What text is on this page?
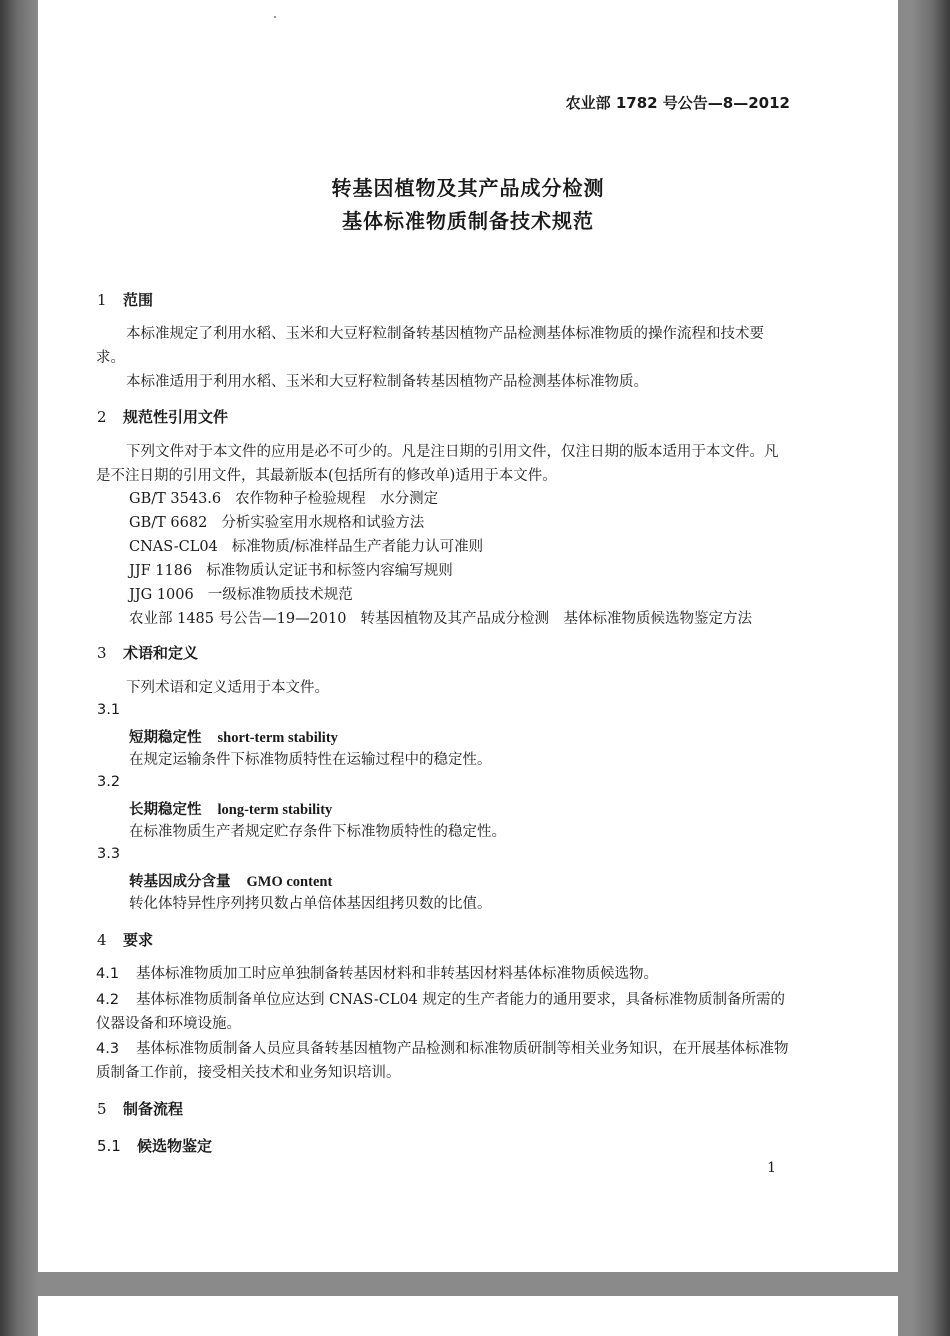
农业部 1782 号公告—8—2012
转基因植物及其产品成分检测
基体标准物质制备技术规范
1 范围
本标准规定了利用水稻、玉米和大豆籽粒制备转基因植物产品检测基体标准物质的操作流程和技术要求。
本标准适用于利用水稻、玉米和大豆籽粒制备转基因植物产品检测基体标准物质。
2 规范性引用文件
下列文件对于本文件的应用是必不可少的。凡是注日期的引用文件，仅注日期的版本适用于本文件。凡是不注日期的引用文件，其最新版本(包括所有的修改单)适用于本文件。
GB/T 3543.6 农作物种子检验规程　水分测定
GB/T 6682 分析实验室用水规格和试验方法
CNAS-CL04 标准物质/标准样品生产者能力认可准则
JJF 1186 标准物质认定证书和标签内容编写规则
JJG 1006 一级标准物质技术规范
农业部 1485 号公告—19—2010 转基因植物及其产品成分检测　基体标准物质候选物鉴定方法
3 术语和定义
下列术语和定义适用于本文件。
3.1
短期稳定性 short-term stability
在规定运输条件下标准物质特性在运输过程中的稳定性。
3.2
长期稳定性 long-term stability
在标准物质生产者规定贮存条件下标准物质特性的稳定性。
3.3
转基因成分含量 GMO content
转化体特异性序列拷贝数占单倍体基因组拷贝数的比值。
4 要求
4.1 基体标准物质加工时应单独制备转基因材料和非转基因材料基体标准物质候选物。
4.2 基体标准物质制备单位应达到 CNAS-CL04 规定的生产者能力的通用要求，具备标准物质制备所需的仪器设备和环境设施。
4.3 基体标准物质制备人员应具备转基因植物产品检测和标准物质研制等相关业务知识，在开展基体标准物质制备工作前，接受相关技术和业务知识培训。
5 制备流程
5.1 候选物鉴定
1
